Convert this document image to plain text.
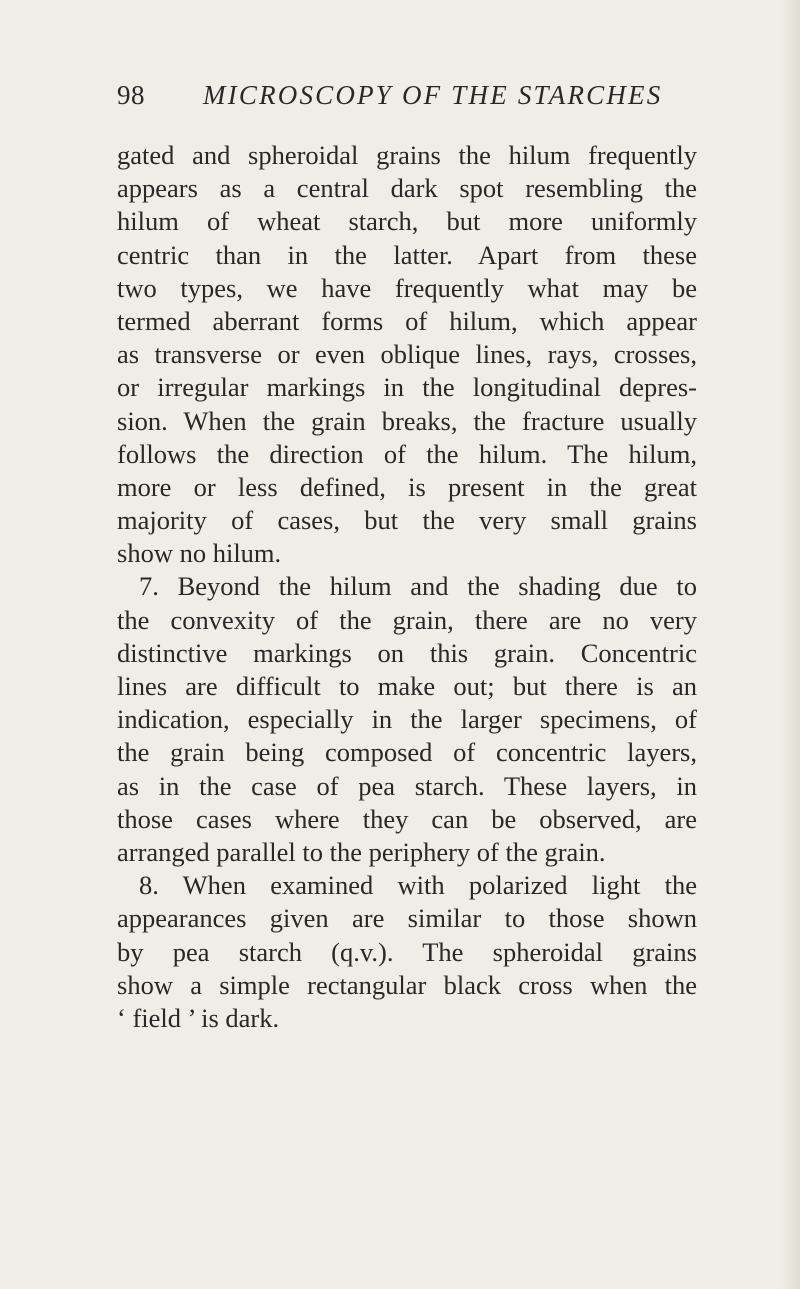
98 MICROSCOPY OF THE STARCHES
gated and spheroidal grains the hilum frequently
appears as a central dark spot resembling the
hilum of wheat starch, but more uniformly
centric than in the latter. Apart from these
two types, we have frequently what may be
termed aberrant forms of hilum, which appear
as transverse or even oblique lines, rays, crosses,
or irregular markings in the longitudinal depres-
sion. When the grain breaks, the fracture usually
follows the direction of the hilum. The hilum,
more or less defined, is present in the great
majority of cases, but the very small grains
show no hilum.
7. Beyond the hilum and the shading due to
the convexity of the grain, there are no very
distinctive markings on this grain. Concentric
lines are difficult to make out; but there is an
indication, especially in the larger specimens, of
the grain being composed of concentric layers,
as in the case of pea starch. These layers, in
those cases where they can be observed, are
arranged parallel to the periphery of the grain.
8. When examined with polarized light the
appearances given are similar to those shown
by pea starch (q.v.). The spheroidal grains
show a simple rectangular black cross when the
‘ field ’ is dark.
